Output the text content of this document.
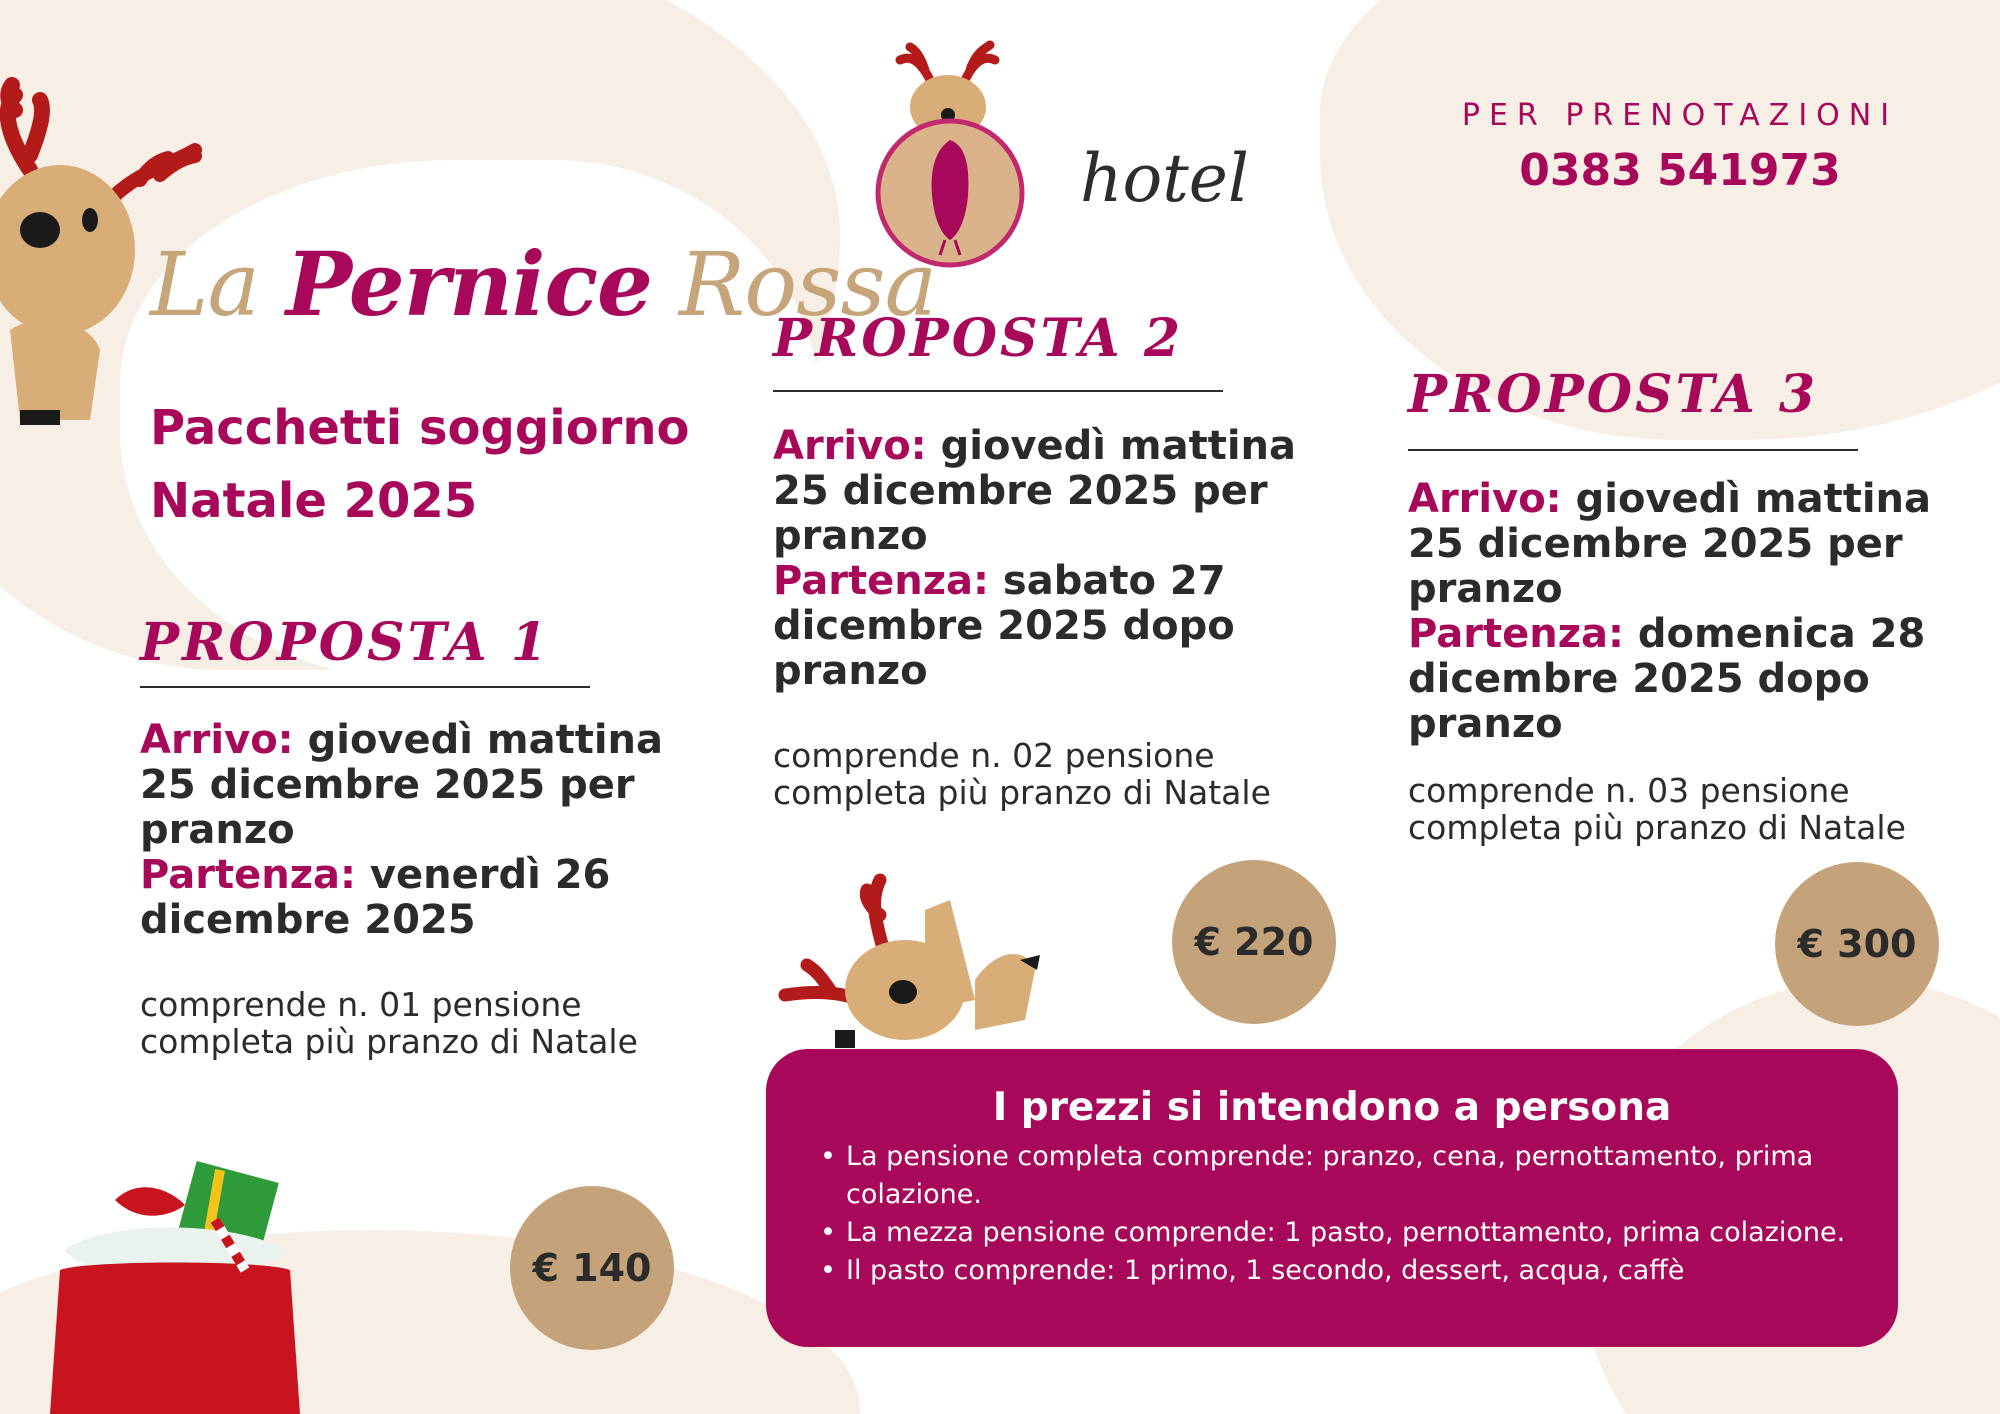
La Pernice Rossa
hotel
Pacchetti soggiorno
Natale 2025
PER PRENOTAZIONI
0383 541973
PROPOSTA 1
Arrivo: giovedì mattina 25 dicembre 2025 per pranzo
Partenza: venerdì 26 dicembre 2025
comprende n. 01 pensione completa più pranzo di Natale
€ 140
PROPOSTA 2
Arrivo: giovedì mattina 25 dicembre 2025 per pranzo
Partenza: sabato 27 dicembre 2025 dopo pranzo
comprende n. 02 pensione completa più pranzo di Natale
€ 220
PROPOSTA 3
Arrivo: giovedì mattina 25 dicembre 2025 per pranzo
Partenza: domenica 28 dicembre 2025 dopo pranzo
comprende n. 03 pensione completa più pranzo di Natale
€ 300
I prezzi si intendono a persona
• La pensione completa comprende: pranzo, cena, pernottamento, prima colazione.
• La mezza pensione comprende: 1 pasto, pernottamento, prima colazione.
• Il pasto comprende: 1 primo, 1 secondo, dessert, acqua, caffè
